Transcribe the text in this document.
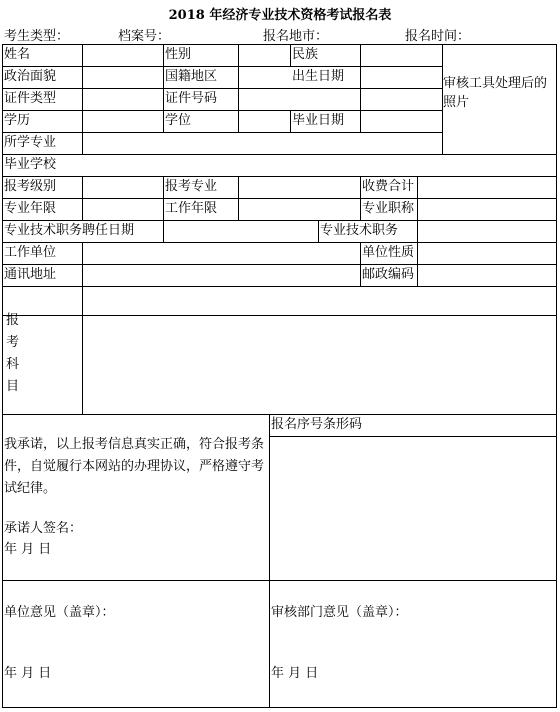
2018 年经济专业技术资格考试报名表
考生类型：	档案号：	报名地市：	报名时间：
姓名	性别	民族
审核工具处理后的照片
政治面貌	国籍地区	出生日期
证件类型	证件号码
学历	学位	毕业日期
所学专业
毕业学校
报考级别	报考专业	收费合计
专业年限	工作年限	专业职称
专业技术职务聘任日期	专业技术职务
工作单位	单位性质
通讯地址	邮政编码
报考科目
报名序号条形码
我承诺，以上报考信息真实正确，符合报考条件，自觉履行本网站的办理协议，严格遵守考试纪律。
承诺人签名：
年 月 日
单位意见（盖章）：	审核部门意见（盖章）：
年 月 日	年 月 日
